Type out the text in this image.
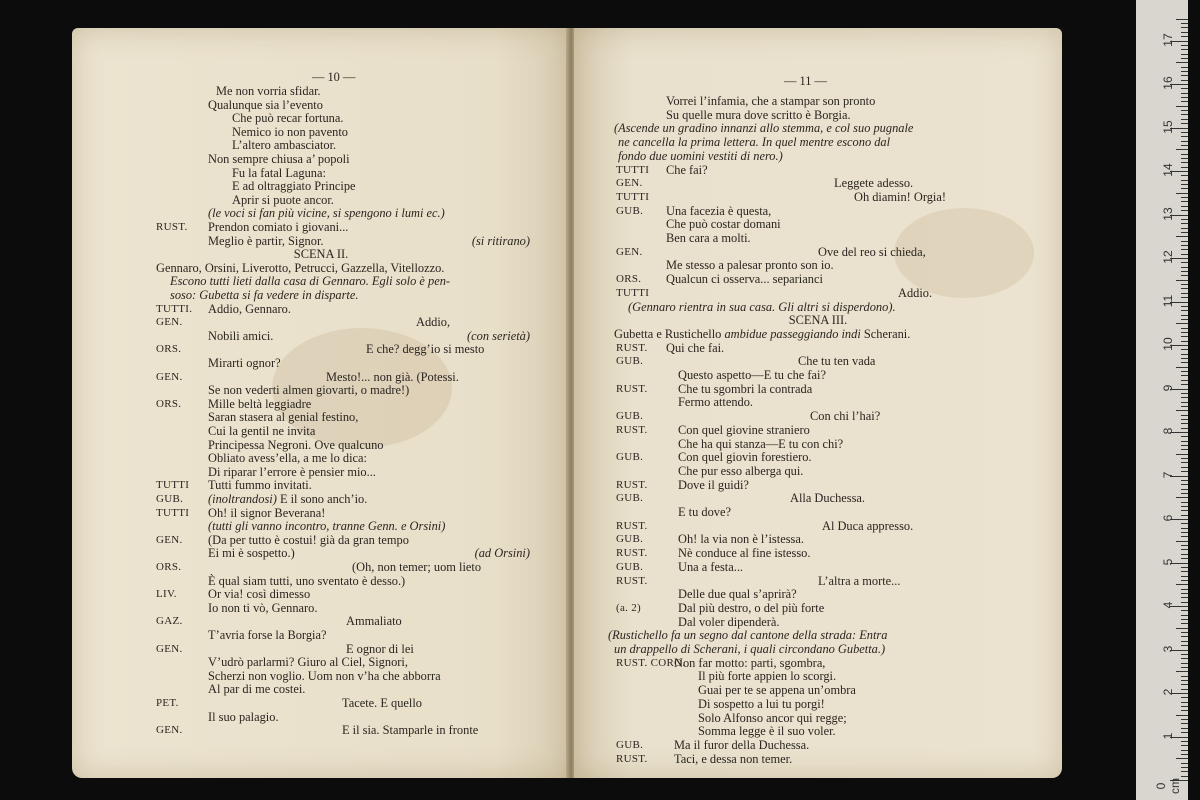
— 10 —
Me non vorria sfidar.
Qualunque sia l’evento
Che può recar fortuna.
Nemico io non pavento
L’altero ambasciator.
Non sempre chiusa a’ popoli
Fu la fatal Laguna:
E ad oltraggiato Principe
Aprir si puote ancor.
(le voci si fan più vicine, si spengono i lumi ec.)
RUST. Prendon comiato i giovani...
Meglio è partir, Signor.	(si ritirano)
SCENA II.
Gennaro, Orsini, Liverotto, Petrucci, Gazzella, Vitellozzo.
Escono tutti lieti dalla casa di Gennaro. Egli solo è pen-
soso: Gubetta si fa vedere in disparte.
TUTTI. Addio, Gennaro.
GEN.	Addio,
Nobili amici.	(con serietà)
ORS.	E che? degg’io si mesto
Mirarti ognor?
GEN.	Mesto!... non già. (Potessi.
Se non vederti almen giovarti, o madre!)
ORS. Mille beltà leggiadre
Saran stasera al genial festino,
Cui la gentil ne invita
Principessa Negroni. Ove qualcuno
Obliato avess’ella, a me lo dica:
Di riparar l’errore è pensier mio...
TUTTI Tutti fummo invitati.
GUB. (inoltrandosi) E il sono anch’io.
TUTTI Oh! il signor Beverana!
(tutti gli vanno incontro, tranne Genn. e Orsini)
GEN. (Da per tutto è costui! già da gran tempo
Ei mi è sospetto.)	(ad Orsini)
ORS.	(Oh, non temer; uom lieto
È qual siam tutti, uno sventato è desso.)
LIV.	Or via! così dimesso
Io non ti vò, Gennaro.
GAZ.	Ammaliato
T’avria forse la Borgia?
GEN.	E ognor di lei
V’udrò parlarmi? Giuro al Ciel, Signori,
Scherzi non voglio. Uom non v’ha che abborra
Al par di me costei.
PET.	Tacete. E quello
Il suo palagio.
GEN.	E il sia. Stamparle in fronte
— 11 —
Vorrei l’infamia, che a stampar son pronto
Su quelle mura dove scritto è Borgia.
(Ascende un gradino innanzi allo stemma, e col suo pugnale
ne cancella la prima lettera. In quel mentre escono dal
fondo due uomini vestiti di nero.)
TUTTI Che fai?
GEN.	Leggete adesso.
TUTTI	Oh diamin! Orgia!
GUB. Una facezia è questa,
Che può costar domani
Ben cara a molti.
GEN.	Ove del reo si chieda,
Me stesso a palesar pronto son io.
ORS. Qualcun ci osserva... separianci
TUTTI	Addio.
(Gennaro rientra in sua casa. Gli altri si disperdono).
SCENA III.
Gubetta e Rustichello ambidue passeggiando indi Scherani.
RUST. Qui che fai.
GUB.	Che tu ten vada
Questo aspetto—E tu che fai?
RUST. Che tu sgombri la contrada
Fermo attendo.
GUB.	Con chi l’hai?
RUST. Con quel giovine straniero
Che ha qui stanza—E tu con chi?
GUB.	Con quel giovin forestiero.
Che pur esso alberga qui.
RUST. Dove il guidi?
GUB.	Alla Duchessa.
E tu dove?
RUST.	Al Duca appresso.
GUB.	Oh! la via non è l’istessa.
RUST. Nè conduce al fine istesso.
GUB.	Una a festa...
RUST.	L’altra a morte...
Delle due qual s’aprirà?
(a. 2)	Dal più destro, o del più forte
Dal voler dipenderà.
(Rustichello fa un segno dal cantone della strada: Entra
un drappello di Scherani, i quali circondano Gubetta.)
RUST. CORO.
Non far motto: parti, sgombra,
Il più forte appien lo scorgi.
Guai per te se appena un’ombra
Di sospetto a lui tu porgi!
Solo Alfonso ancor qui regge;
Somma legge è il suo voler.
GUB. Ma il furor della Duchessa.
RUST. Taci, e dessa non temer.
0 cm
1
2
3
4
5
6
7
8
9
10
11
12
13
14
15
16
17
